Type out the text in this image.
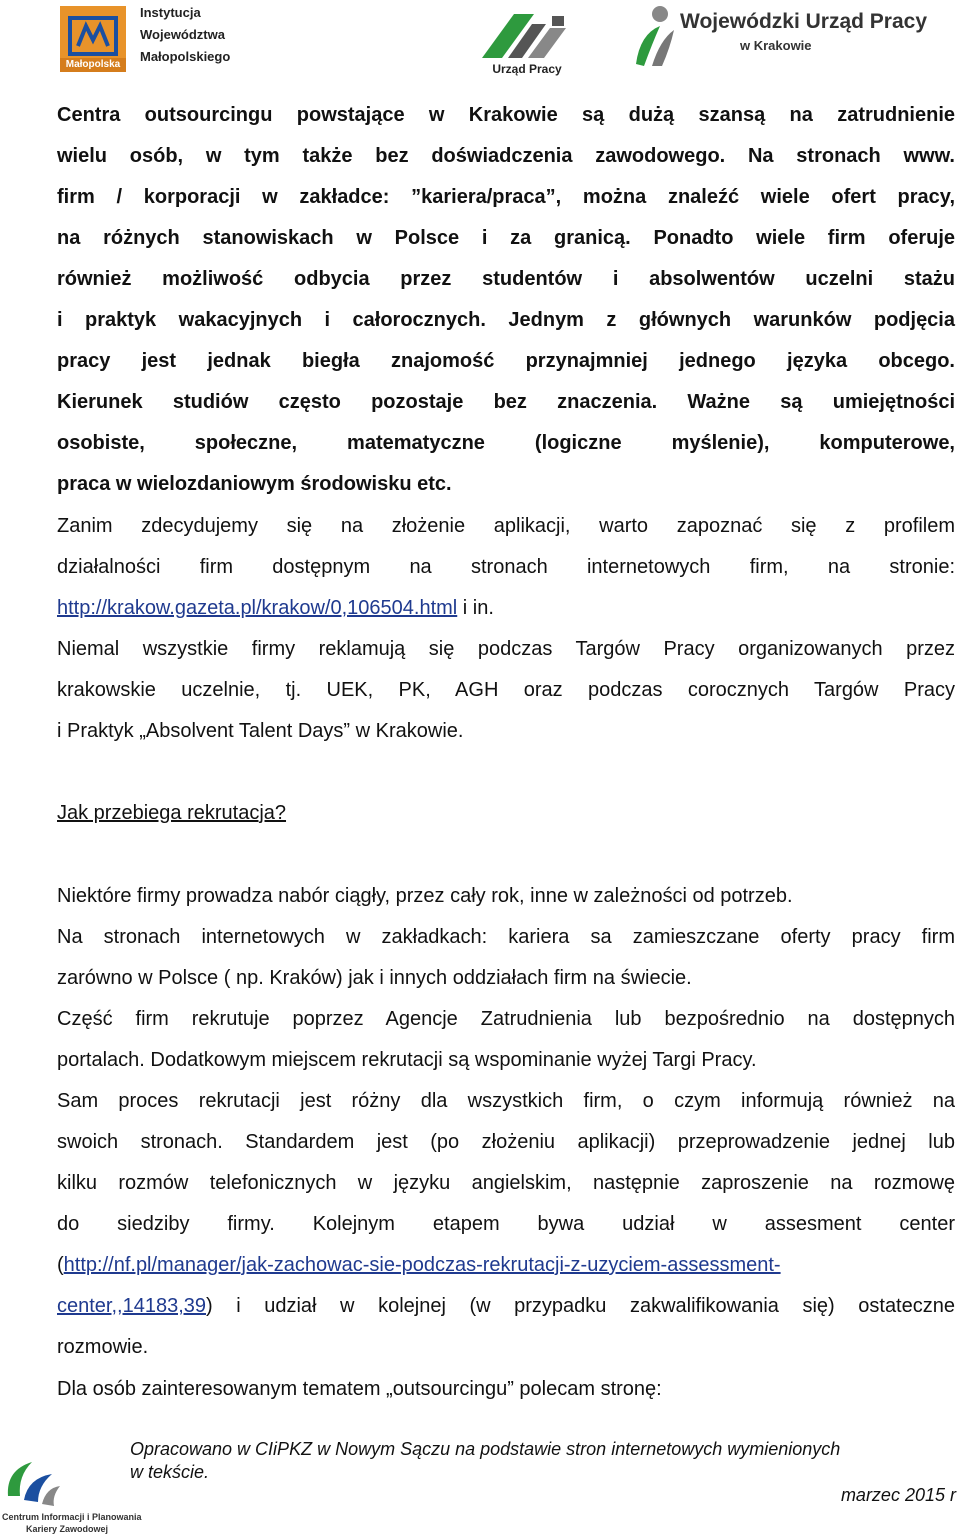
Małopolska
Instytucja
Województwa
Małopolskiego
Urząd Pracy
Wojewódzki Urząd Pracy
w Krakowie
Centra outsourcingu powstające w Krakowie są dużą szansą na zatrudnienie
wielu osób, w tym także bez doświadczenia zawodowego. Na stronach www.
firm / korporacji w zakładce: ”kariera/praca”, można znaleźć wiele ofert pracy,
na różnych stanowiskach w Polsce i za granicą. Ponadto wiele firm oferuje
również możliwość odbycia przez studentów i absolwentów uczelni stażu
i praktyk wakacyjnych i całorocznych. Jednym z głównych warunków podjęcia
pracy jest jednak biegła znajomość przynajmniej jednego języka obcego.
Kierunek studiów często pozostaje bez znaczenia. Ważne są umiejętności
osobiste, społeczne, matematyczne (logiczne myślenie), komputerowe,
praca w wielozdaniowym środowisku etc.
Zanim zdecydujemy się na złożenie aplikacji, warto zapoznać się z profilem
działalności firm dostępnym na stronach internetowych firm, na stronie:
http://krakow.gazeta.pl/krakow/0,106504.html i in.
Niemal wszystkie firmy reklamują się podczas Targów Pracy organizowanych przez
krakowskie uczelnie, tj. UEK, PK, AGH oraz podczas corocznych Targów Pracy
i Praktyk „Absolvent Talent Days” w Krakowie.
Jak przebiega rekrutacja?
Niektóre firmy prowadza nabór ciągły, przez cały rok, inne w zależności od potrzeb.
Na stronach internetowych w zakładkach: kariera sa zamieszczane oferty pracy firm
zarówno w Polsce ( np. Kraków) jak i innych oddziałach firm na świecie.
Część firm rekrutuje poprzez Agencje Zatrudnienia lub bezpośrednio na dostępnych
portalach. Dodatkowym miejscem rekrutacji są wspominanie wyżej Targi Pracy.
Sam proces rekrutacji jest różny dla wszystkich firm, o czym informują również na
swoich stronach. Standardem jest (po złożeniu aplikacji) przeprowadzenie jednej lub
kilku rozmów telefonicznych w języku angielskim, następnie zaproszenie na rozmowę
do siedziby firmy. Kolejnym etapem bywa udział w assesment center
(http://nf.pl/manager/jak-zachowac-sie-podczas-rekrutacji-z-uzyciem-assessment-
center,,14183,39) i udział w kolejnej (w przypadku zakwalifikowania się) ostateczne
rozmowie.
Dla osób zainteresowanym tematem „outsourcingu” polecam stronę:
Opracowano w CIiPKZ w Nowym Sączu na podstawie stron internetowych wymienionych
w tekście.
marzec 2015 r
Centrum Informacji i Planowania
Kariery Zawodowej
